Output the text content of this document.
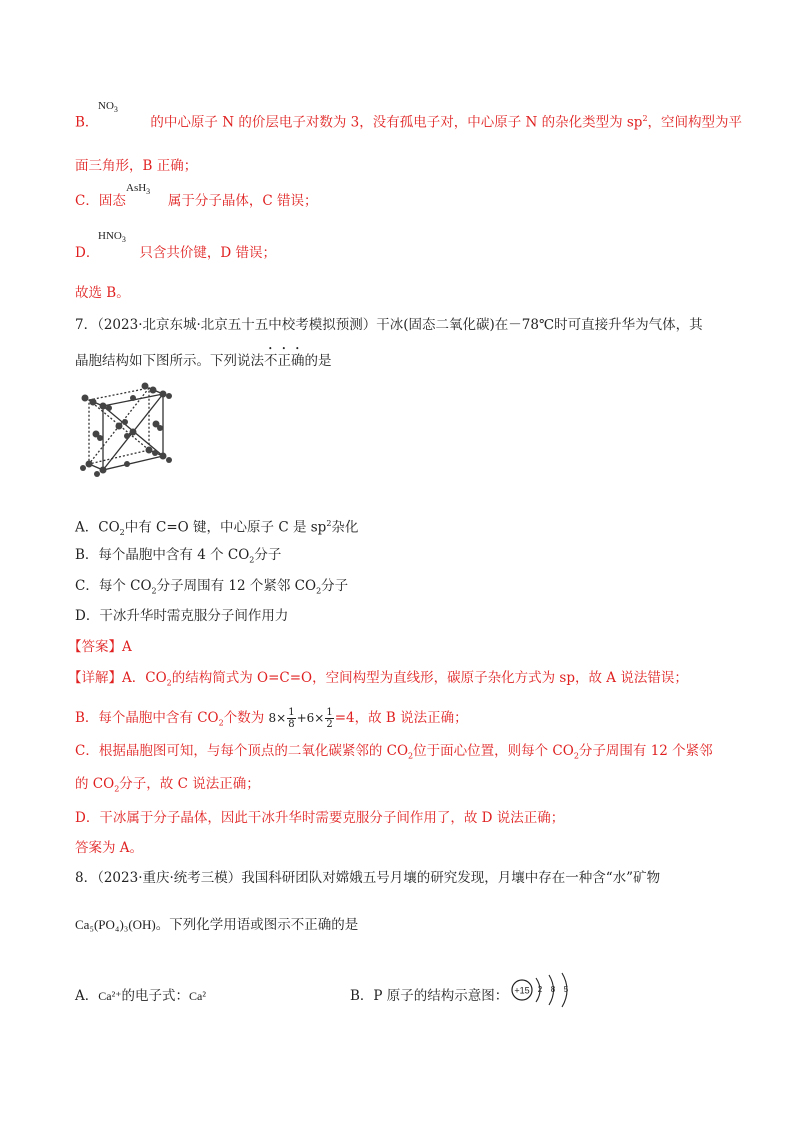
$NO_3$
B．	的中心原子 N 的价层电子对数为 3，没有孤电子对，中心原子 N 的杂化类型为 $sp^2$，空间构型为平
面三角形，B 正确；
AsH$_3$
C．固态	属于分子晶体，C 错误；
$HNO_3$
D．	只含共价键，D 错误；
故选 B。
7．（2023·北京东城·北京五十五中校考模拟预测）干冰(固态二氧化碳)在－78℃时可直接升华为气体，其
晶胞结构如下图所示。下列说法不正确的是
A．$CO_2$中有 C=O 键，中心原子 C 是 $sp^2$杂化
B．每个晶胞中含有 4 个 $CO_2$分子
C．每个 $CO_2$分子周围有 12 个紧邻 $CO_2$分子
D．干冰升华时需克服分子间作用力
【答案】A
【详解】A．$CO_2$的结构简式为 O=C=O，空间构型为直线形，碳原子杂化方式为 sp，故 A 说法错误；
B．每个晶胞中含有 $CO_2$个数为 $8\times \frac{1}{8} +6\times \frac{1}{2} =4$，故 B 说法正确；
C．根据晶胞图可知，与每个顶点的二氧化碳紧邻的 $CO_2$位于面心位置，则每个 $CO_2$分子周围有 12 个紧邻
的 $CO_2$分子，故 C 说法正确；
D．干冰属于分子晶体，因此干冰升华时需要克服分子间作用了，故 D 说法正确；
答案为 A。
8．（2023·重庆·统考三模）我国科研团队对嫦娥五号月壤的研究发现，月壤中存在一种含“水”矿物
Ca₅(PO₄)₃(OH)。下列化学用语或图示不正确的是
A．Ca²⁺的电子式：Ca²	B．P 原子的结构示意图： +15 2 8 5
